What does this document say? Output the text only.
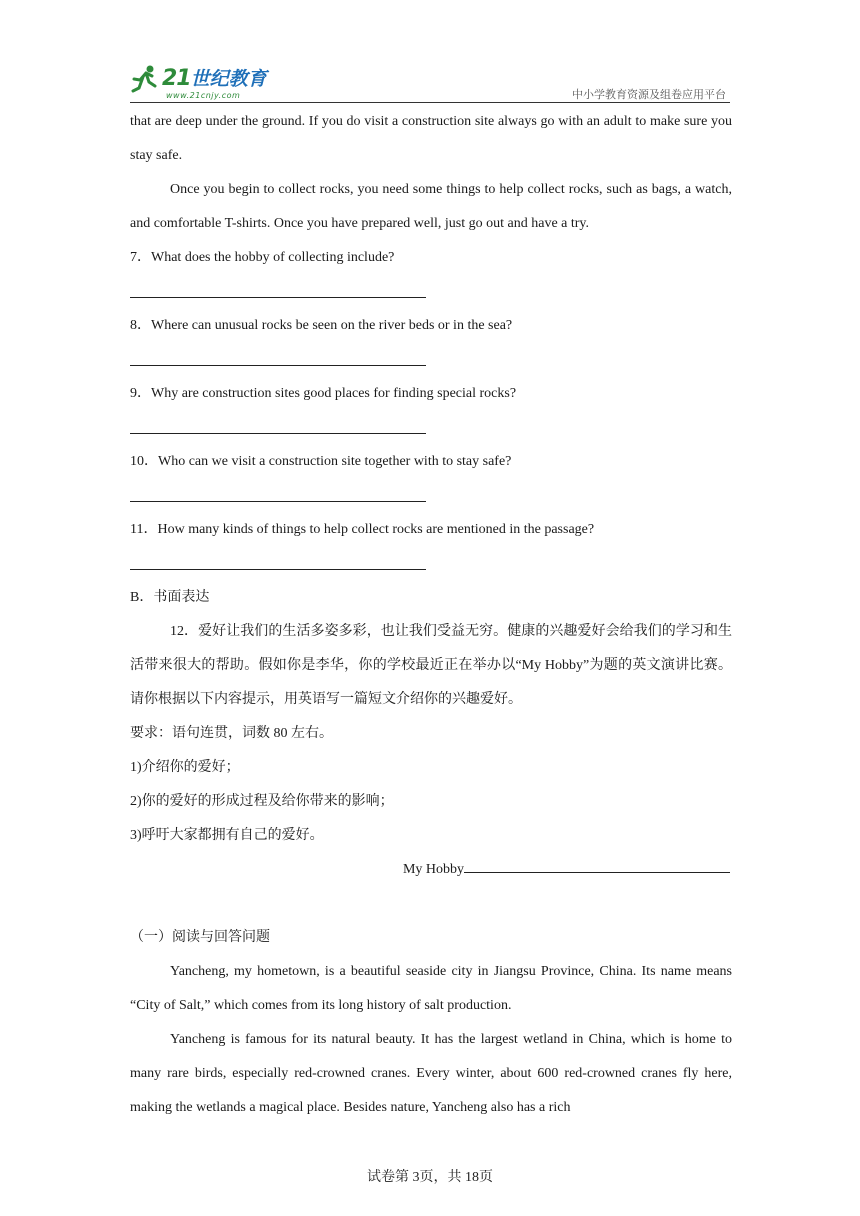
21世纪教育
www.21cnjy.com	中小学教育资源及组卷应用平台

that are deep under the ground. If you do visit a construction site always go with an adult to make sure you stay safe.

Once you begin to collect rocks, you need some things to help collect rocks, such as bags, a watch, and comfortable T-shirts. Once you have prepared well, just go out and have a try.

7．What does the hobby of collecting include?

8．Where can unusual rocks be seen on the river beds or in the sea?

9．Why are construction sites good places for finding special rocks?

10．Who can we visit a construction site together with to stay safe?

11．How many kinds of things to help collect rocks are mentioned in the passage?

B．书面表达

12．爱好让我们的生活多姿多彩，也让我们受益无穷。健康的兴趣爱好会给我们的学习和生活带来很大的帮助。假如你是李华，你的学校最近正在举办以“My Hobby”为题的英文演讲比赛。请你根据以下内容提示，用英语写一篇短文介绍你的兴趣爱好。

要求：语句连贯，词数 80 左右。

1)介绍你的爱好；

2)你的爱好的形成过程及给你带来的影响；

3)呼吁大家都拥有自己的爱好。

My Hobby

（一）阅读与回答问题

Yancheng, my hometown, is a beautiful seaside city in Jiangsu Province, China. Its name means “City of Salt,” which comes from its long history of salt production.

Yancheng is famous for its natural beauty. It has the largest wetland in China, which is home to many rare birds, especially red-crowned cranes. Every winter, about 600 red-crowned cranes fly here, making the wetlands a magical place. Besides nature, Yancheng also has a rich

试卷第 3页，共 18页
